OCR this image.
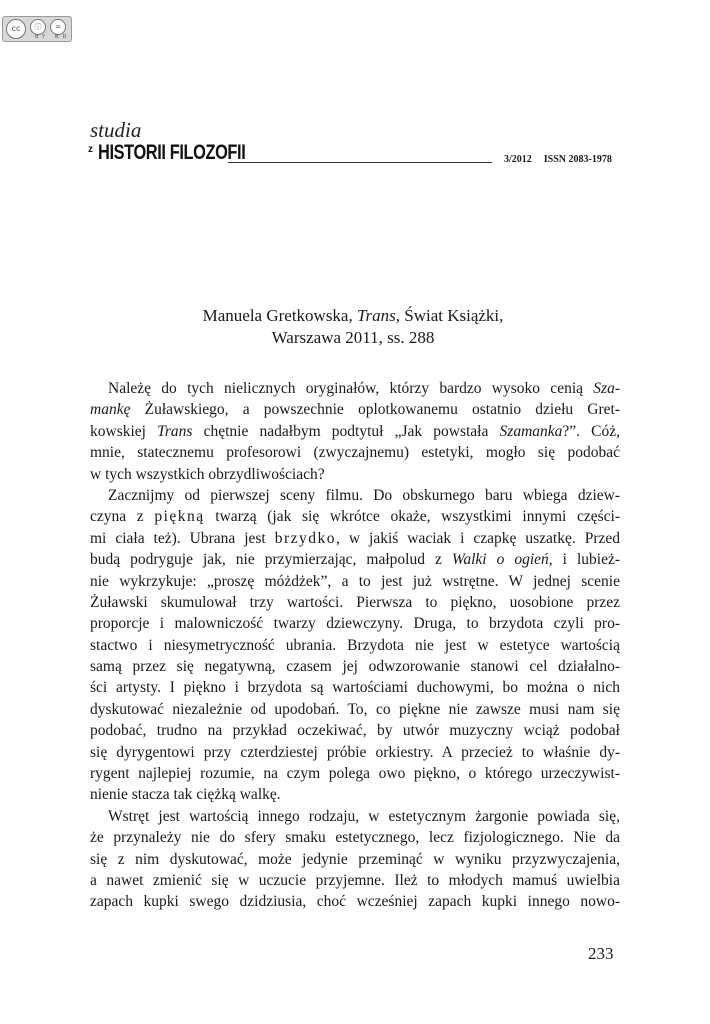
cc	ⓘ	=
BY ND
studia
z HISTORII FILOZOFII	3/2012 ISSN 2083-1978
Manuela Gretkowska, Trans, Świat Książki,
Warszawa 2011, ss. 288
Należę do tych nielicznych oryginałów, którzy bardzo wysoko cenią Sza-
mankę Żuławskiego, a powszechnie oplotkowanemu ostatnio dziełu Gret-
kowskiej Trans chętnie nadałbym podtytuł „Jak powstała Szamanka?”. Cóż,
mnie, statecznemu profesorowi (zwyczajnemu) estetyki, mogło się podobać
w tych wszystkich obrzydliwościach?
Zacznijmy od pierwszej sceny filmu. Do obskurnego baru wbiega dziew-
czyna z piękną twarzą (jak się wkrótce okaże, wszystkimi innymi części-
mi ciała też). Ubrana jest brzydko, w jakiś waciak i czapkę uszatkę. Przed
budą podryguje jak, nie przymierzając, małpolud z Walki o ogień, i lubież-
nie wykrzykuje: „proszę móżdżek”, a to jest już wstrętne. W jednej scenie
Żuławski skumulował trzy wartości. Pierwsza to piękno, uosobione przez
proporcje i malowniczość twarzy dziewczyny. Druga, to brzydota czyli pro-
stactwo i niesymetryczność ubrania. Brzydota nie jest w estetyce wartością
samą przez się negatywną, czasem jej odwzorowanie stanowi cel działalno-
ści artysty. I piękno i brzydota są wartościami duchowymi, bo można o nich
dyskutować niezależnie od upodobań. To, co piękne nie zawsze musi nam się
podobać, trudno na przykład oczekiwać, by utwór muzyczny wciąż podobał
się dyrygentowi przy czterdziestej próbie orkiestry. A przecież to właśnie dy-
rygent najlepiej rozumie, na czym polega owo piękno, o którego urzeczywist-
nienie stacza tak ciężką walkę.
Wstręt jest wartością innego rodzaju, w estetycznym żargonie powiada się,
że przynależy nie do sfery smaku estetycznego, lecz fizjologicznego. Nie da
się z nim dyskutować, może jedynie przeminąć w wyniku przyzwyczajenia,
a nawet zmienić się w uczucie przyjemne. Ileż to młodych mamuś uwielbia
zapach kupki swego dzidziusia, choć wcześniej zapach kupki innego nowo-
233
